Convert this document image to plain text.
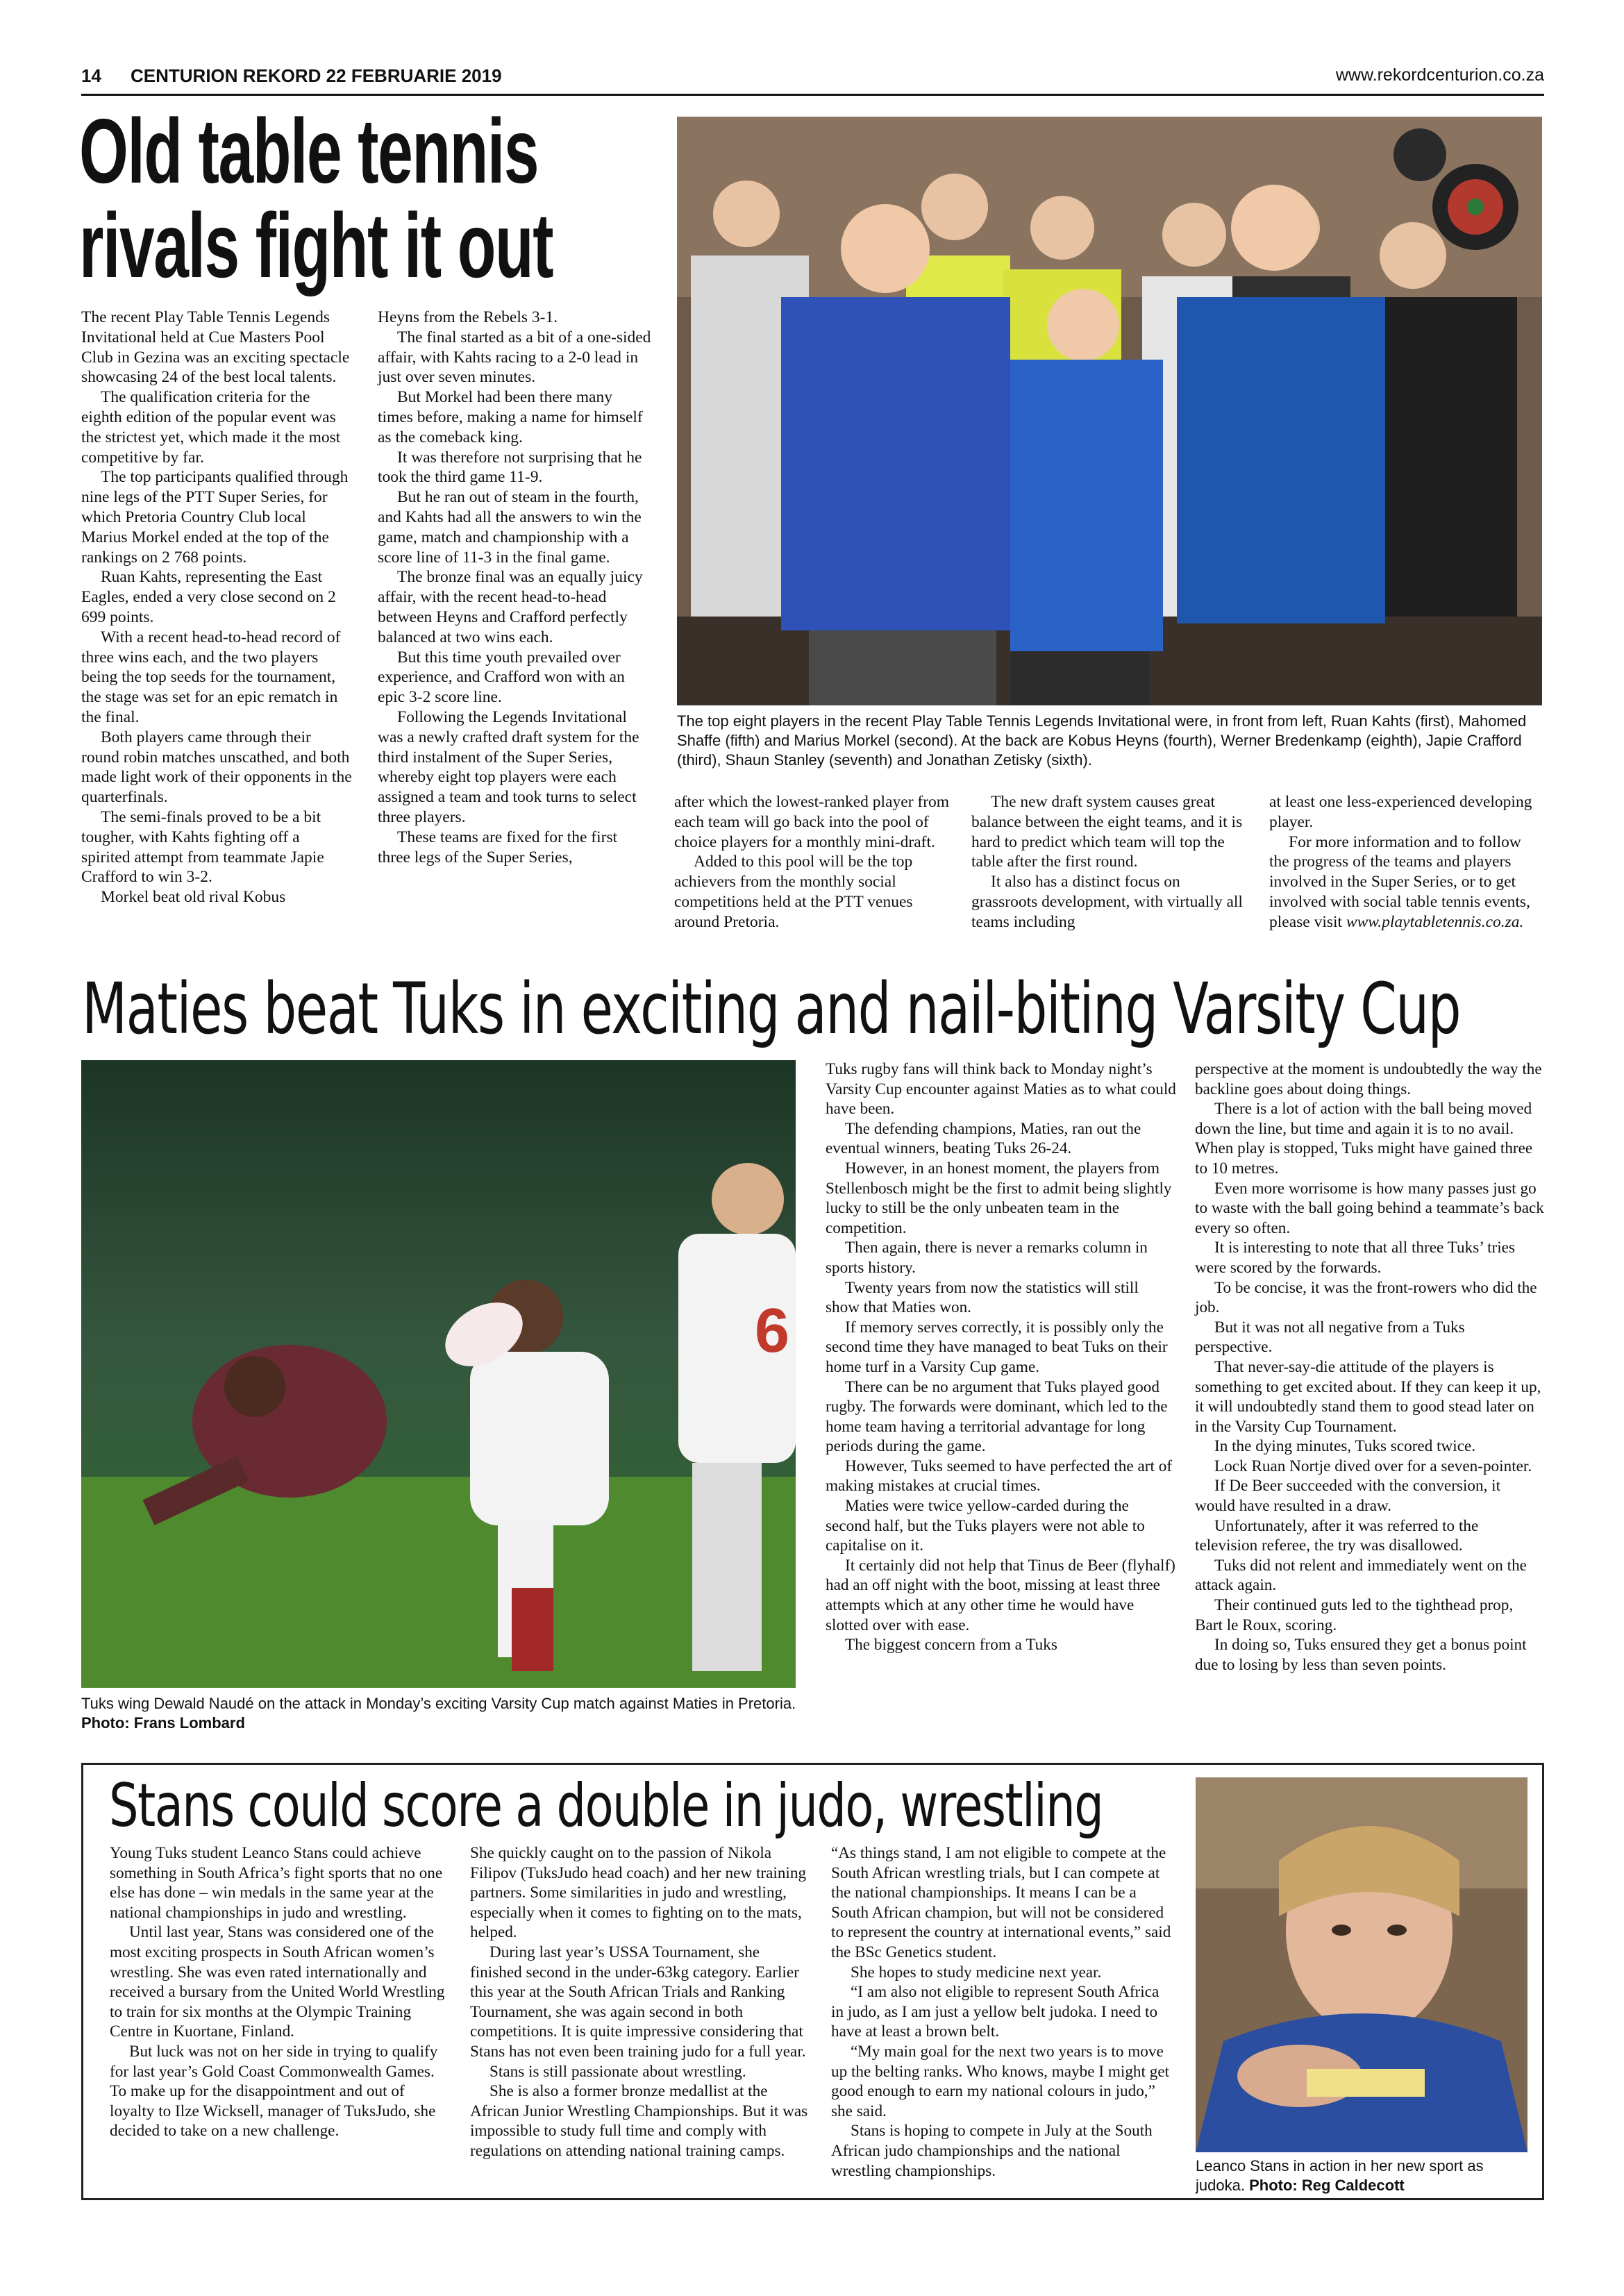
14 CENTURION REKORD 22 FEBRUARIE 2019	www.rekordcenturion.co.za
Old table tennis
rivals fight it out
The top eight players in the recent Play Table Tennis Legends Invitational were, in front from left, Ruan Kahts (first), Mahomed Shaffe (fifth) and Marius Morkel (second). At the back are Kobus Heyns (fourth), Werner Bredenkamp (eighth), Japie Crafford (third), Shaun Stanley (seventh) and Jonathan Zetisky (sixth).

The recent Play Table Tennis Legends Invitational held at Cue Masters Pool Club in Gezina was an exciting spectacle showcasing 24 of the best local talents.

The qualification criteria for the eighth edition of the popular event was the strictest yet, which made it the most competitive by far.

The top participants qualified through nine legs of the PTT Super Series, for which Pretoria Country Club local Marius Morkel ended at the top of the rankings on 2 768 points.

Ruan Kahts, representing the East Eagles, ended a very close second on 2 699 points.

With a recent head-to-head record of three wins each, and the two players being the top seeds for the tournament, the stage was set for an epic rematch in the final.

Both players came through their round robin matches unscathed, and both made light work of their opponents in the quarterfinals.

The semi-finals proved to be a bit tougher, with Kahts fighting off a spirited attempt from teammate Japie Crafford to win 3-2.

Morkel beat old rival Kobus

Heyns from the Rebels 3-1.

The final started as a bit of a one-sided affair, with Kahts racing to a 2-0 lead in just over seven minutes.

But Morkel had been there many times before, making a name for himself as the comeback king.

It was therefore not surprising that he took the third game 11-9.

But he ran out of steam in the fourth, and Kahts had all the answers to win the game, match and championship with a score line of 11-3 in the final game.

The bronze final was an equally juicy affair, with the recent head-to-head between Heyns and Crafford perfectly balanced at two wins each.

But this time youth prevailed over experience, and Crafford won with an epic 3-2 score line.

Following the Legends Invitational was a newly crafted draft system for the third instalment of the Super Series, whereby eight top players were each assigned a team and took turns to select three players.

These teams are fixed for the first three legs of the Super Series,

after which the lowest-ranked player from each team will go back into the pool of choice players for a monthly mini-draft.

Added to this pool will be the top achievers from the monthly social competitions held at the PTT venues around Pretoria.

The new draft system causes great balance between the eight teams, and it is hard to predict which team will top the table after the first round.

It also has a distinct focus on grassroots development, with virtually all teams including

at least one less-experienced developing player.

For more information and to follow the progress of the teams and players involved in the Super Series, or to get involved with social table tennis events, please visit www.playtabletennis.co.za.

Maties beat Tuks in exciting and nail-biting Varsity Cup
6
Tuks wing Dewald Naudé on the attack in Monday’s exciting Varsity Cup match against Maties in Pretoria. Photo: Frans Lombard

Tuks rugby fans will think back to Monday night’s Varsity Cup encounter against Maties as to what could have been.

The defending champions, Maties, ran out the eventual winners, beating Tuks 26-24.

However, in an honest moment, the players from Stellenbosch might be the first to admit being slightly lucky to still be the only unbeaten team in the competition.

Then again, there is never a remarks column in sports history.

Twenty years from now the statistics will still show that Maties won.

If memory serves correctly, it is possibly only the second time they have managed to beat Tuks on their home turf in a Varsity Cup game.

There can be no argument that Tuks played good rugby. The forwards were dominant, which led to the home team having a territorial advantage for long periods during the game.

However, Tuks seemed to have perfected the art of making mistakes at crucial times.

Maties were twice yellow-carded during the second half, but the Tuks players were not able to capitalise on it.

It certainly did not help that Tinus de Beer (flyhalf) had an off night with the boot, missing at least three attempts which at any other time he would have slotted over with ease.

The biggest concern from a Tuks

perspective at the moment is undoubtedly the way the backline goes about doing things.

There is a lot of action with the ball being moved down the line, but time and again it is to no avail. When play is stopped, Tuks might have gained three to 10 metres.

Even more worrisome is how many passes just go to waste with the ball going behind a teammate’s back every so often.

It is interesting to note that all three Tuks’ tries were scored by the forwards.

To be concise, it was the front-rowers who did the job.

But it was not all negative from a Tuks perspective.

That never-say-die attitude of the players is something to get excited about. If they can keep it up, it will undoubtedly stand them to good stead later on in the Varsity Cup Tournament.

In the dying minutes, Tuks scored twice.

Lock Ruan Nortje dived over for a seven-pointer.

If De Beer succeeded with the conversion, it would have resulted in a draw.

Unfortunately, after it was referred to the television referee, the try was disallowed.

Tuks did not relent and immediately went on the attack again.

Their continued guts led to the tighthead prop, Bart le Roux, scoring.

In doing so, Tuks ensured they get a bonus point due to losing by less than seven points.

Stans could score a double in judo, wrestling
Leanco Stans in action in her new sport as judoka. Photo: Reg Caldecott

Young Tuks student Leanco Stans could achieve something in South Africa’s fight sports that no one else has done – win medals in the same year at the national championships in judo and wrestling.

Until last year, Stans was considered one of the most exciting prospects in South African women’s wrestling. She was even rated internationally and received a bursary from the United World Wrestling to train for six months at the Olympic Training Centre in Kuortane, Finland.

But luck was not on her side in trying to qualify for last year’s Gold Coast Commonwealth Games. To make up for the disappointment and out of loyalty to Ilze Wicksell, manager of TuksJudo, she decided to take on a new challenge.

She quickly caught on to the passion of Nikola Filipov (TuksJudo head coach) and her new training partners. Some similarities in judo and wrestling, especially when it comes to fighting on to the mats, helped.

During last year’s USSA Tournament, she finished second in the under-63kg category. Earlier this year at the South African Trials and Ranking Tournament, she was again second in both competitions. It is quite impressive considering that Stans has not even been training judo for a full year.

Stans is still passionate about wrestling.

She is also a former bronze medallist at the African Junior Wrestling Championships. But it was impossible to study full time and comply with regulations on attending national training camps.

“As things stand, I am not eligible to compete at the South African wrestling trials, but I can compete at the national championships. It means I can be a South African champion, but will not be considered to represent the country at international events,” said the BSc Genetics student.

She hopes to study medicine next year.

“I am also not eligible to represent South Africa in judo, as I am just a yellow belt judoka. I need to have at least a brown belt.

“My main goal for the next two years is to move up the belting ranks. Who knows, maybe I might get good enough to earn my national colours in judo,” she said.

Stans is hoping to compete in July at the South African judo championships and the national wrestling championships.
